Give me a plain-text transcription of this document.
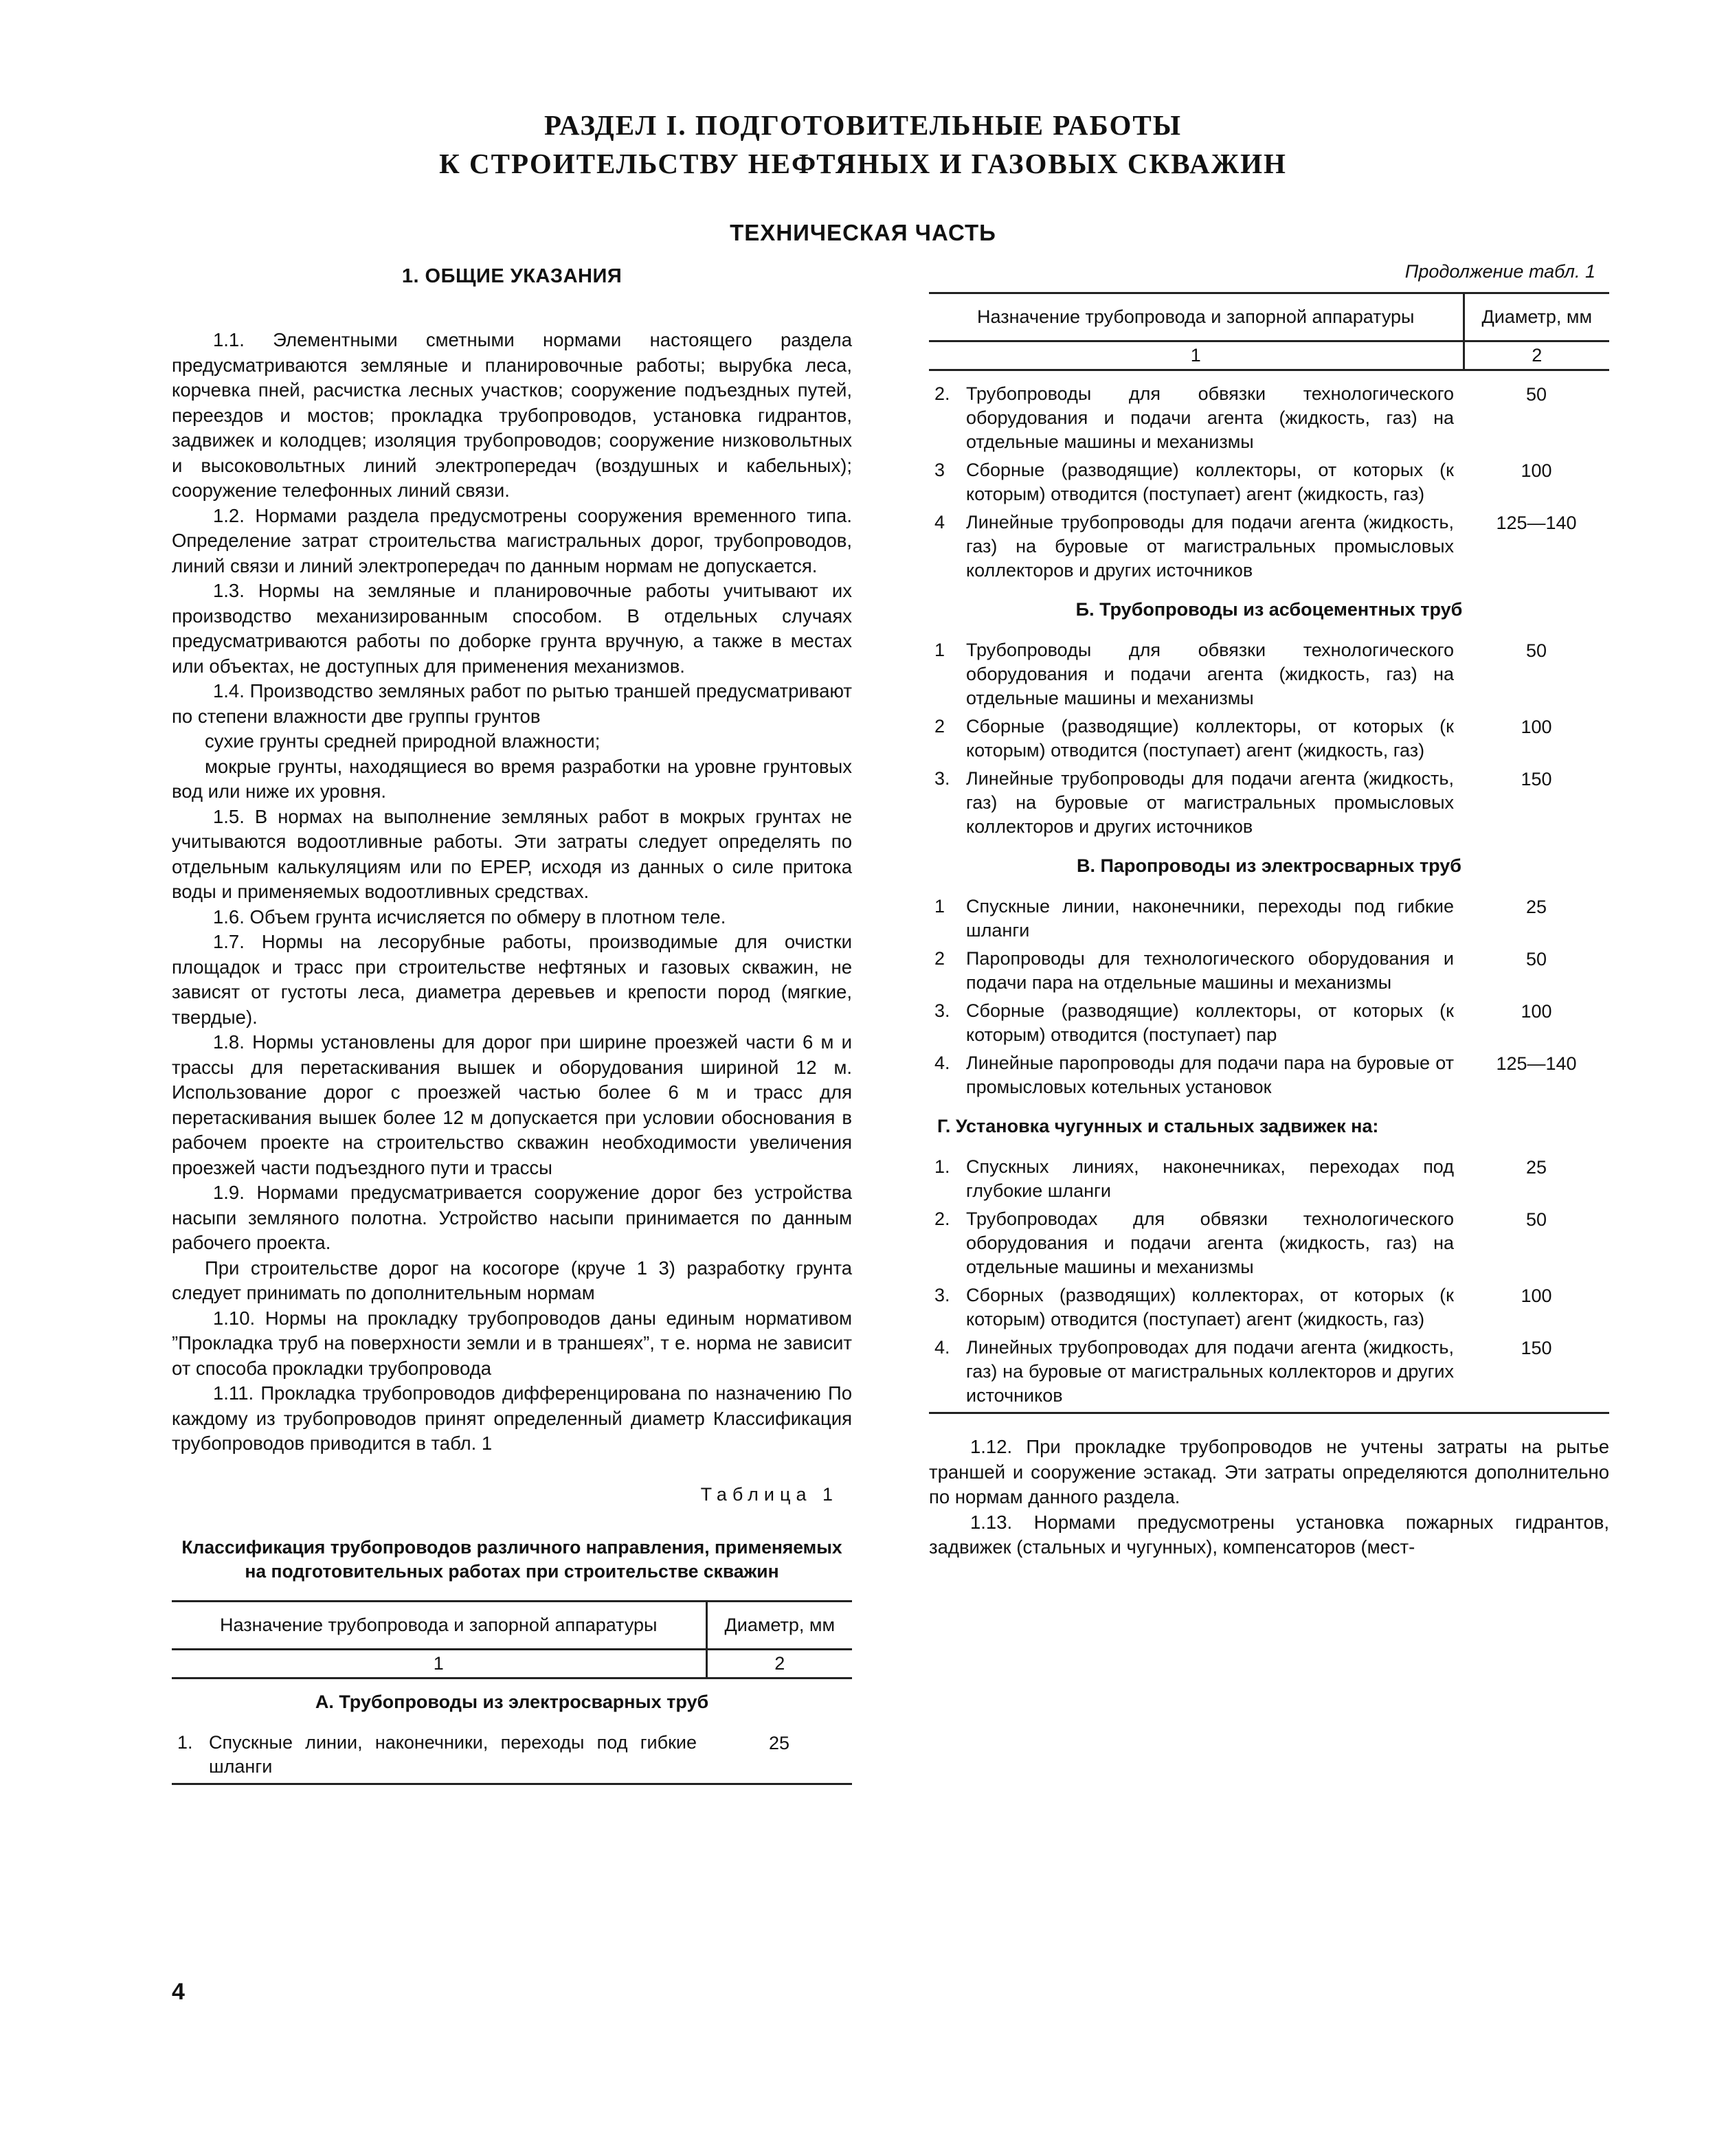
РАЗДЕЛ I. ПОДГОТОВИТЕЛЬНЫЕ РАБОТЫ
К СТРОИТЕЛЬСТВУ НЕФТЯНЫХ И ГАЗОВЫХ СКВАЖИН
ТЕХНИЧЕСКАЯ ЧАСТЬ
1. ОБЩИЕ УКАЗАНИЯ

1.1. Элементными сметными нормами настоящего раздела предусматриваются земляные и планировочные работы; вырубка леса, корчевка пней, расчистка лесных участков; сооружение подъездных путей, переездов и мостов; прокладка трубопроводов, установка гидрантов, задвижек и колодцев; изоляция трубопроводов; сооружение низковольтных и высоковольтных линий электропередач (воздушных и кабельных); сооружение телефонных линий связи.

1.2. Нормами раздела предусмотрены сооружения временного типа. Определение затрат строительства магистральных дорог, трубопроводов, линий связи и линий электропередач по данным нормам не допускается.

1.3. Нормы на земляные и планировочные работы учитывают их производство механизированным способом. В отдельных случаях предусматриваются работы по доборке грунта вручную, а также в местах или объектах, не доступных для применения механизмов.

1.4. Производство земляных работ по рытью траншей предусматривают по степени влажности две группы грунтов

сухие грунты средней природной влажности;

мокрые грунты, находящиеся во время разработки на уровне грунтовых вод или ниже их уровня.

1.5. В нормах на выполнение земляных работ в мокрых грунтах не учитываются водоотливные работы. Эти затраты следует определять по отдельным калькуляциям или по ЕРЕР, исходя из данных о силе притока воды и применяемых водоотливных средствах.

1.6. Объем грунта исчисляется по обмеру в плотном теле.

1.7. Нормы на лесорубные работы, производимые для очистки площадок и трасс при строительстве нефтяных и газовых скважин, не зависят от густоты леса, диаметра деревьев и крепости пород (мягкие, твердые).

1.8. Нормы установлены для дорог при ширине проезжей части 6 м и трассы для перетаскивания вышек и оборудования шириной 12 м. Использование дорог с проезжей частью более 6 м и трасс для перетаскивания вышек более 12 м допускается при условии обоснования в рабочем проекте на строительство скважин необходимости увеличения проезжей части подъездного пути и трассы

1.9. Нормами предусматривается сооружение дорог без устройства насыпи земляного полотна. Устройство насыпи принимается по данным рабочего проекта.

При строительстве дорог на косогоре (круче 1 3) разработку грунта следует принимать по дополнительным нормам

1.10. Нормы на прокладку трубопроводов даны единым нормативом ”Прокладка труб на поверхности земли и в траншеях”, т е. норма не зависит от способа прокладки трубопровода

1.11. Прокладка трубопроводов дифференцирована по назначению По каждому из трубопроводов принят определенный диаметр Классификация трубопроводов приводится в табл. 1

Таблица 1
Классификация трубопроводов различного направления, применяемых на подготовительных работах при строительстве скважин
Назначение трубопровода и запорной аппаратуры		Диаметр, мм
1		2
А. Трубопроводы из электросварных труб		
1.	Спускные линии, наконечники, переходы под гибкие шланги	25
Продолжение табл. 1
Назначение трубопровода и запорной аппаратуры		Диаметр, мм
1		2

2.	Трубопроводы для обвязки технологического оборудования и подачи агента (жидкость, газ) на отдельные машины и механизмы	50
3	Сборные (разводящие) коллекторы, от которых (к которым) отводится (поступает) агент (жидкость, газ)	100
4	Линейные трубопроводы для подачи агента (жидкость, газ) на буровые от магистральных промысловых коллекторов и других источников	125—140
Б. Трубопроводы из асбоцементных труб		
1	Трубопроводы для обвязки технологического оборудования и подачи агента (жидкость, газ) на отдельные машины и механизмы	50
2	Сборные (разводящие) коллекторы, от которых (к которым) отводится (поступает) агент (жидкость, газ)	100
3.	Линейные трубопроводы для подачи агента (жидкость, газ) на буровые от магистральных промысловых коллекторов и других источников	150
В. Паропроводы из электросварных труб		
1	Спускные линии, наконечники, переходы под гибкие шланги	25
2	Паропроводы для технологического оборудования и подачи пара на отдельные машины и механизмы	50
3.	Сборные (разводящие) коллекторы, от которых (к которым) отводится (поступает) пар	100
4.	Линейные паропроводы для подачи пара на буровые от промысловых котельных установок	125—140
Г. Установка чугунных и стальных задвижек на:		
1.	Спускных линиях, наконечниках, переходах под глубокие шланги	25
2.	Трубопроводах для обвязки технологического оборудования и подачи агента (жидкость, газ) на отдельные машины и механизмы	50
3.	Сборных (разводящих) коллекторах, от которых (к которым) отводится (поступает) агент (жидкость, газ)	100
4.	Линейных трубопроводах для подачи агента (жидкость, газ) на буровые от магистральных коллекторов и других источников	150

1.12. При прокладке трубопроводов не учтены затраты на рытье траншей и сооружение эстакад. Эти затраты определяются дополнительно по нормам данного раздела.

1.13. Нормами предусмотрены установка пожарных гидрантов, задвижек (стальных и чугунных), компенсаторов (мест-

4
